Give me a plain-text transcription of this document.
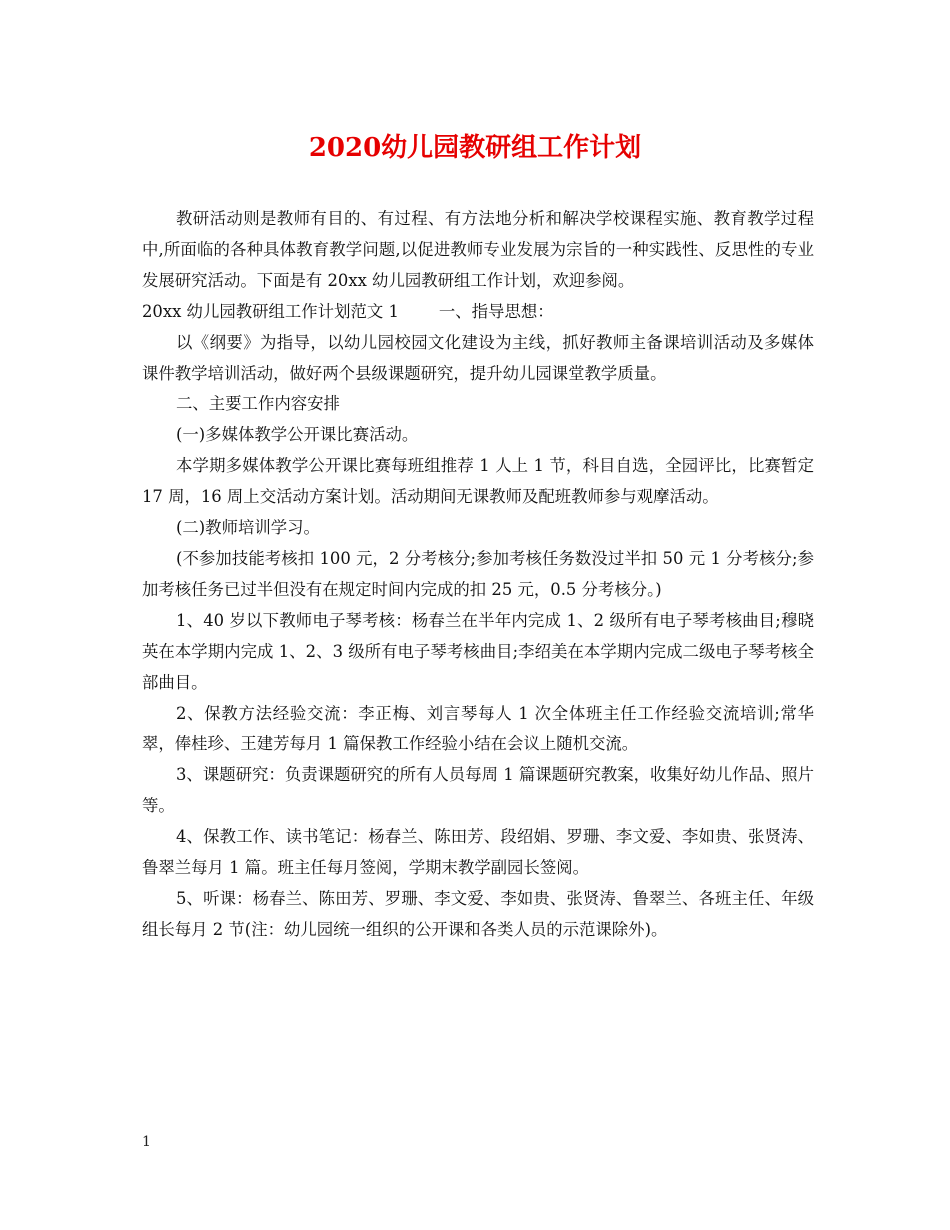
2020幼儿园教研组工作计划

教研活动则是教师有目的、有过程、有方法地分析和解决学校课程实施、教育教学过程中,所面临的各种具体教育教学问题,以促进教师专业发展为宗旨的一种实践性、反思性的专业发展研究活动。下面是有 20xx 幼儿园教研组工作计划，欢迎参阅。

20xx 幼儿园教研组工作计划范文 1 一、指导思想：

以《纲要》为指导，以幼儿园校园文化建设为主线，抓好教师主备课培训活动及多媒体课件教学培训活动，做好两个县级课题研究，提升幼儿园课堂教学质量。

二、主要工作内容安排

(一)多媒体教学公开课比赛活动。

本学期多媒体教学公开课比赛每班组推荐 1 人上 1 节，科目自选，全园评比，比赛暂定 17 周，16 周上交活动方案计划。活动期间无课教师及配班教师参与观摩活动。

(二)教师培训学习。

(不参加技能考核扣 100 元，2 分考核分;参加考核任务数没过半扣 50 元 1 分考核分;参加考核任务已过半但没有在规定时间内完成的扣 25 元，0.5 分考核分。)

1、40 岁以下教师电子琴考核：杨春兰在半年内完成 1、2 级所有电子琴考核曲目;穆晓英在本学期内完成 1、2、3 级所有电子琴考核曲目;李绍美在本学期内完成二级电子琴考核全部曲目。

2、保教方法经验交流：李正梅、刘言琴每人 1 次全体班主任工作经验交流培训;常华翠，俸桂珍、王建芳每月 1 篇保教工作经验小结在会议上随机交流。

3、课题研究：负责课题研究的所有人员每周 1 篇课题研究教案，收集好幼儿作品、照片等。

4、保教工作、读书笔记：杨春兰、陈田芳、段绍娟、罗珊、李文爱、李如贵、张贤涛、鲁翠兰每月 1 篇。班主任每月签阅，学期末教学副园长签阅。

5、听课：杨春兰、陈田芳、罗珊、李文爱、李如贵、张贤涛、鲁翠兰、各班主任、年级组长每月 2 节(注：幼儿园统一组织的公开课和各类人员的示范课除外)。

1
